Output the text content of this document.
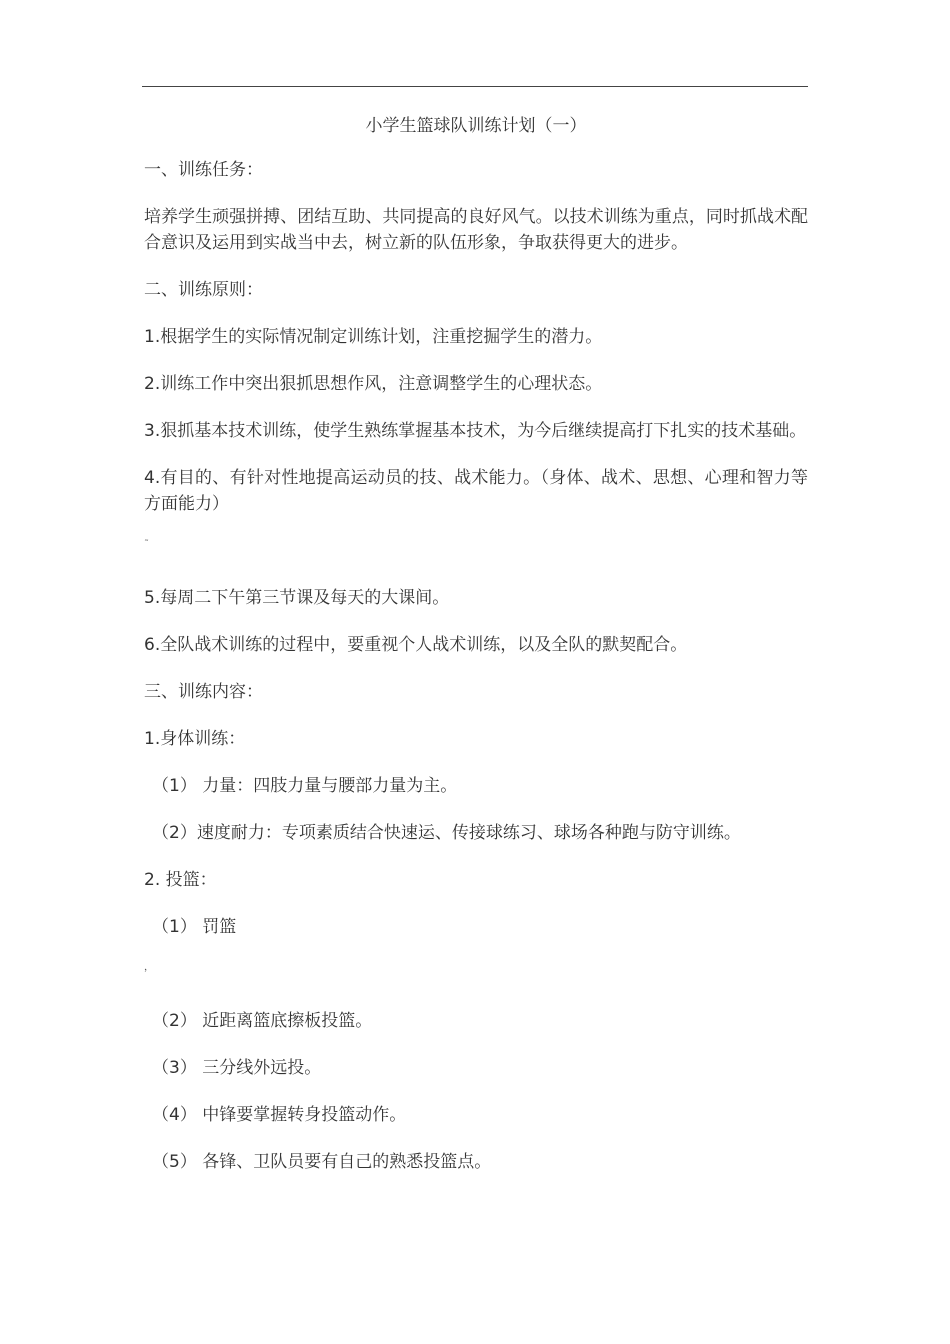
小学生篮球队训练计划（一）
一、训练任务：
培养学生顽强拼搏、团结互助、共同提高的良好风气。以技术训练为重点，同时抓战术配合意识及运用到实战当中去，树立新的队伍形象，争取获得更大的进步。
二、训练原则：
1.根据学生的实际情况制定训练计划，注重挖掘学生的潜力。
2.训练工作中突出狠抓思想作风，注意调整学生的心理状态。
3.狠抓基本技术训练，使学生熟练掌握基本技术，为今后继续提高打下扎实的技术基础。
4.有目的、有针对性地提高运动员的技、战术能力。（身体、战术、思想、心理和智力等方面能力）
˜
5.每周二下午第三节课及每天的大课间。
6.全队战术训练的过程中，要重视个人战术训练，以及全队的默契配合。
三、训练内容：
1.身体训练：
（1） 力量：四肢力量与腰部力量为主。
（2）速度耐力：专项素质结合快速运、传接球练习、球场各种跑与防守训练。
2. 投篮：
（1） 罚篮
，
（2） 近距离篮底擦板投篮。
（3） 三分线外远投。
（4） 中锋要掌握转身投篮动作。
（5） 各锋、卫队员要有自己的熟悉投篮点。
